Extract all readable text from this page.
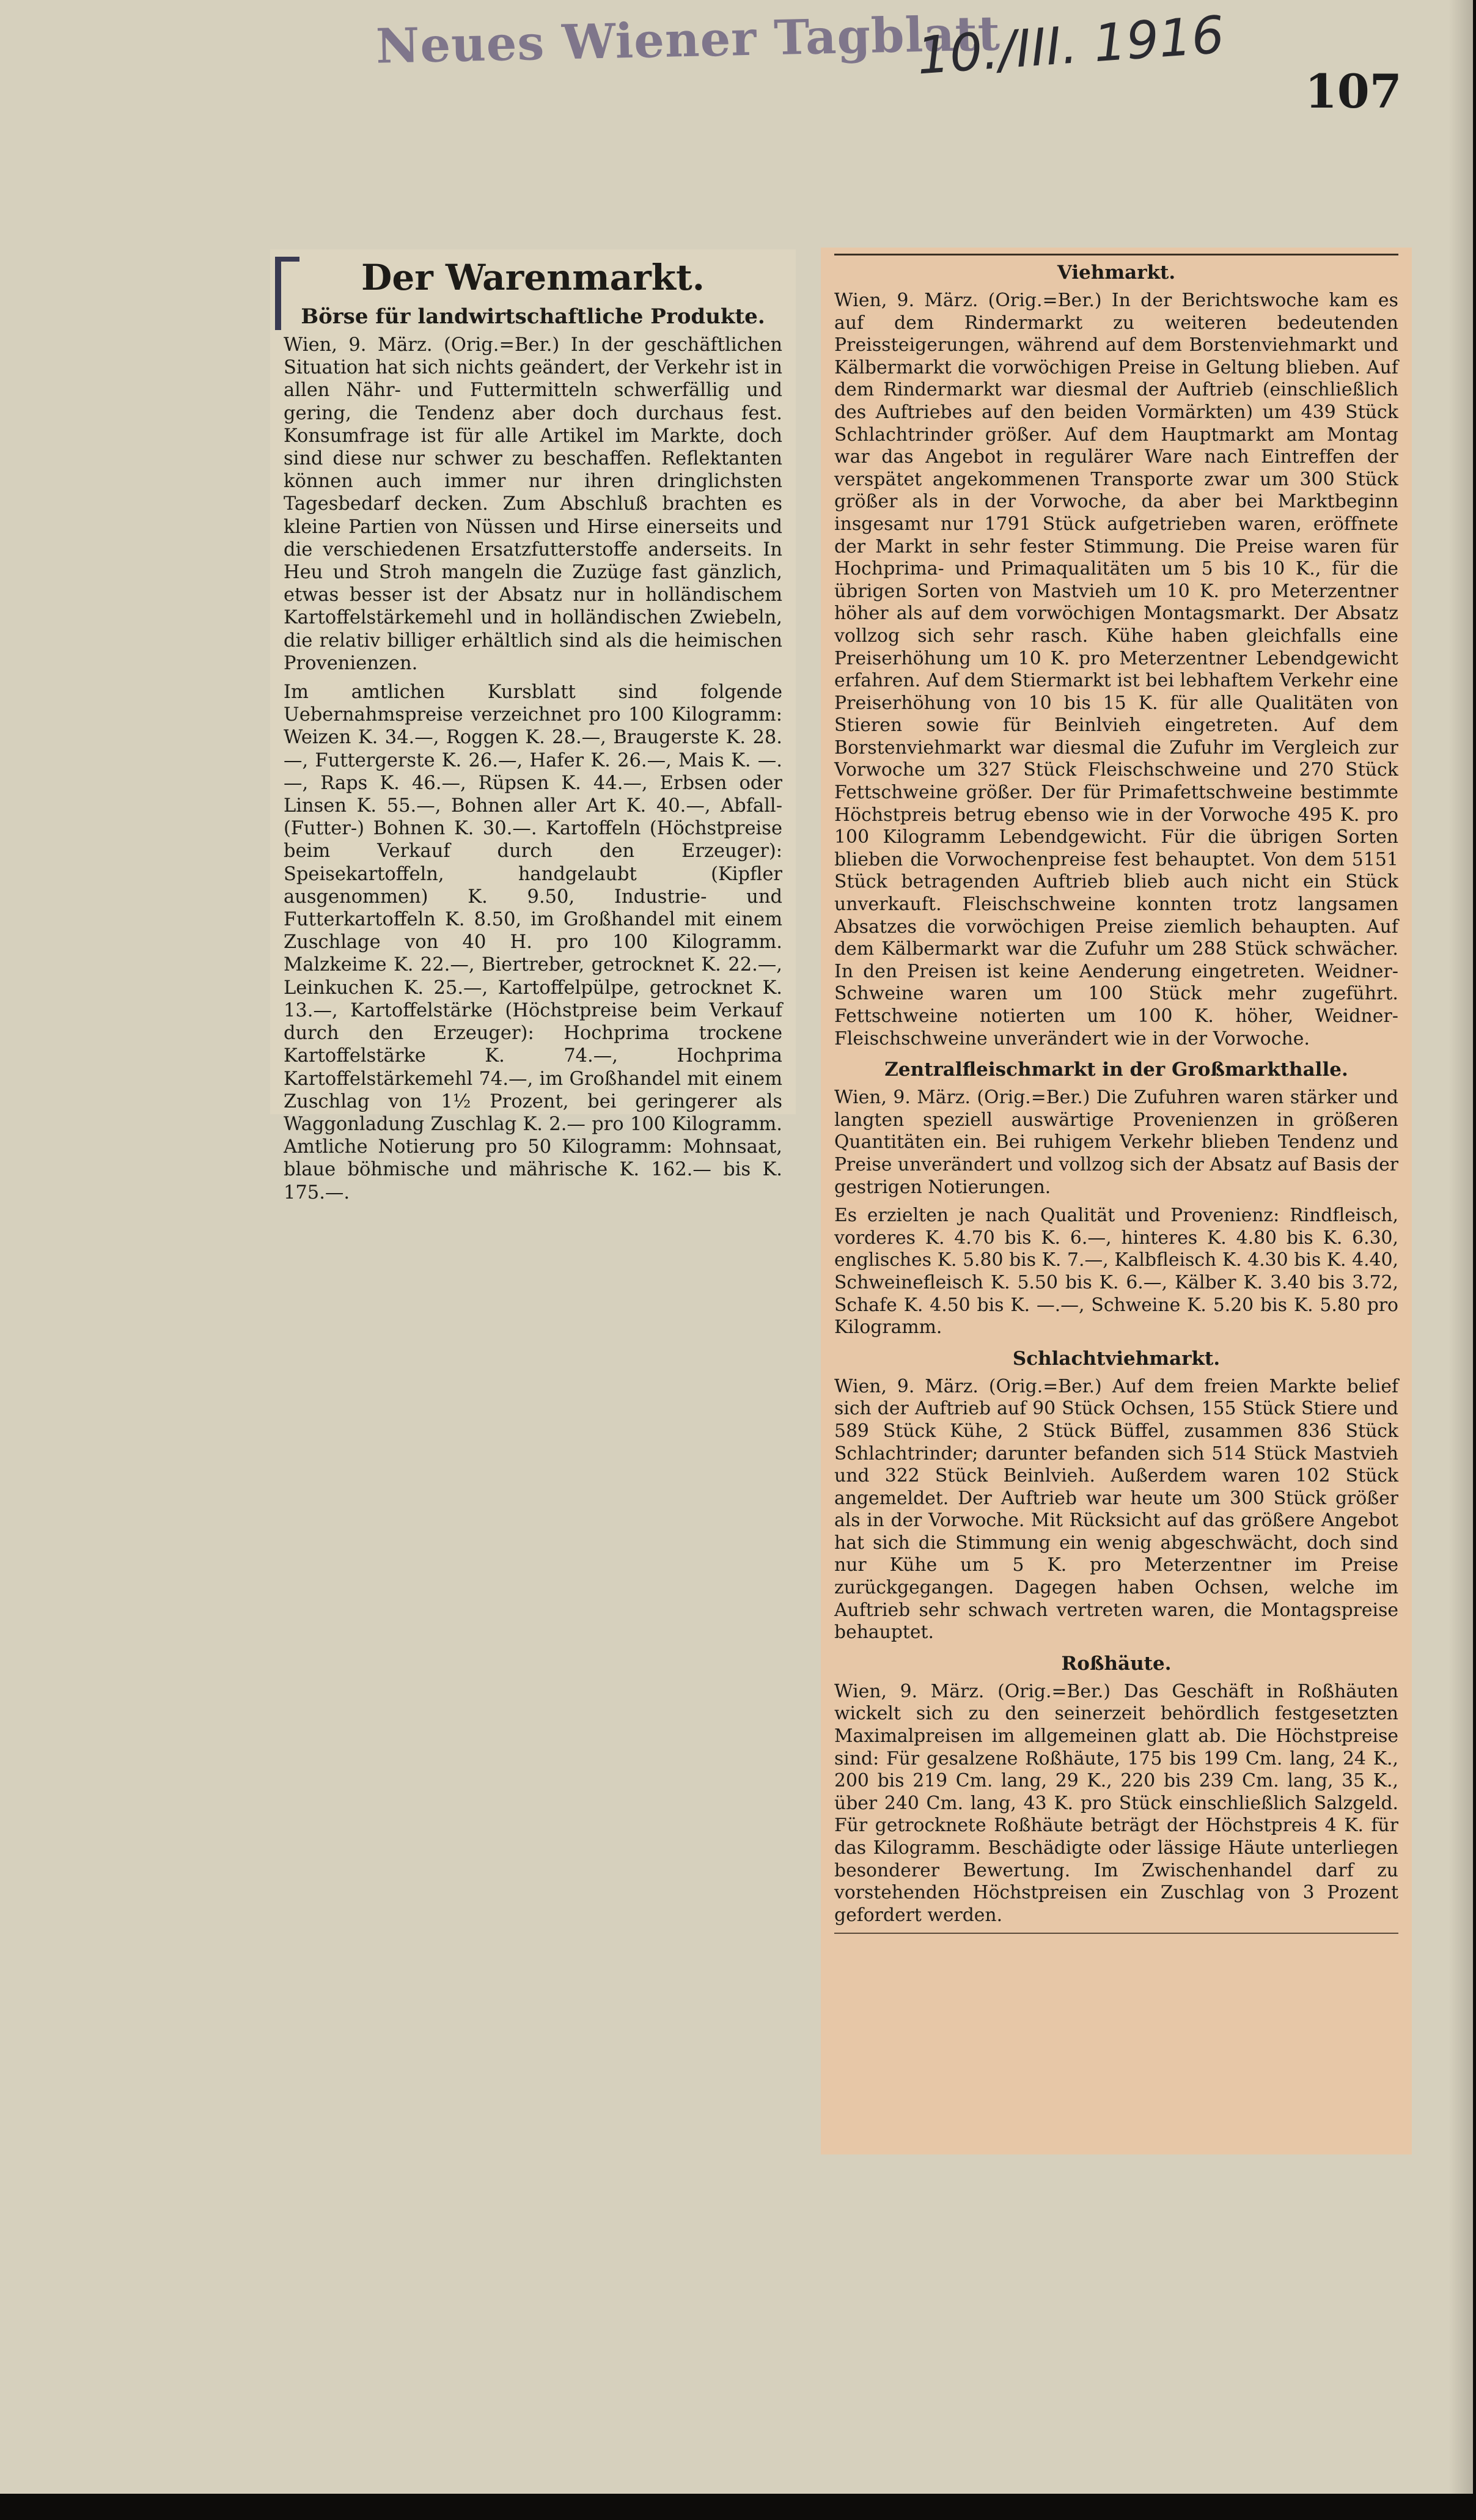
Neues Wiener Tagblatt
10./III. 1916
107
Der Warenmarkt.
Börse für landwirtschaftliche Produkte.

Wien, 9. März. (Orig.=Ber.) In der geschäftlichen Situation hat sich nichts geändert, der Verkehr ist in allen Nähr- und Futtermitteln schwerfällig und gering, die Tendenz aber doch durchaus fest. Konsumfrage ist für alle Artikel im Markte, doch sind diese nur schwer zu beschaffen. Reflektanten können auch immer nur ihren dringlichsten Tagesbedarf decken. Zum Abschluß brachten es kleine Partien von Nüssen und Hirse einerseits und die verschiedenen Ersatzfutterstoffe anderseits. In Heu und Stroh mangeln die Zuzüge fast gänzlich, etwas besser ist der Absatz nur in holländischem Kartoffelstärkemehl und in holländischen Zwiebeln, die relativ billiger erhältlich sind als die heimischen Provenienzen.

Im amtlichen Kursblatt sind folgende Uebernahmspreise verzeichnet pro 100 Kilogramm: Weizen K. 34.—, Roggen K. 28.—, Braugerste K. 28.—, Futtergerste K. 26.—, Hafer K. 26.—, Mais K. —.—, Raps K. 46.—, Rüpsen K. 44.—, Erbsen oder Linsen K. 55.—, Bohnen aller Art K. 40.—, Abfall- (Futter-) Bohnen K. 30.—. Kartoffeln (Höchstpreise beim Verkauf durch den Erzeuger): Speisekartoffeln, handgelaubt (Kipfler ausgenommen) K. 9.50, Industrie- und Futterkartoffeln K. 8.50, im Großhandel mit einem Zuschlage von 40 H. pro 100 Kilogramm. Malzkeime K. 22.—, Biertreber, getrocknet K. 22.—, Leinkuchen K. 25.—, Kartoffelpülpe, getrocknet K. 13.—, Kartoffelstärke (Höchstpreise beim Verkauf durch den Erzeuger): Hochprima trockene Kartoffelstärke K. 74.—, Hochprima Kartoffelstärkemehl 74.—, im Großhandel mit einem Zuschlag von 1½ Prozent, bei geringerer als Waggonladung Zuschlag K. 2.— pro 100 Kilogramm. Amtliche Notierung pro 50 Kilogramm: Mohnsaat, blaue böhmische und mährische K. 162.— bis K. 175.—.

Viehmarkt.

Wien, 9. März. (Orig.=Ber.) In der Berichtswoche kam es auf dem Rindermarkt zu weiteren bedeutenden Preissteigerungen, während auf dem Borstenviehmarkt und Kälbermarkt die vorwöchigen Preise in Geltung blieben. Auf dem Rindermarkt war diesmal der Auftrieb (einschließlich des Auftriebes auf den beiden Vormärkten) um 439 Stück Schlachtrinder größer. Auf dem Hauptmarkt am Montag war das Angebot in regulärer Ware nach Eintreffen der verspätet angekommenen Transporte zwar um 300 Stück größer als in der Vorwoche, da aber bei Marktbeginn insgesamt nur 1791 Stück aufgetrieben waren, eröffnete der Markt in sehr fester Stimmung. Die Preise waren für Hochprima- und Primaqualitäten um 5 bis 10 K., für die übrigen Sorten von Mastvieh um 10 K. pro Meterzentner höher als auf dem vorwöchigen Montagsmarkt. Der Absatz vollzog sich sehr rasch. Kühe haben gleichfalls eine Preiserhöhung um 10 K. pro Meterzentner Lebendgewicht erfahren. Auf dem Stiermarkt ist bei lebhaftem Verkehr eine Preiserhöhung von 10 bis 15 K. für alle Qualitäten von Stieren sowie für Beinlvieh eingetreten. Auf dem Borstenviehmarkt war diesmal die Zufuhr im Vergleich zur Vorwoche um 327 Stück Fleischschweine und 270 Stück Fettschweine größer. Der für Primafettschweine bestimmte Höchstpreis betrug ebenso wie in der Vorwoche 495 K. pro 100 Kilogramm Lebendgewicht. Für die übrigen Sorten blieben die Vorwochenpreise fest behauptet. Von dem 5151 Stück betragenden Auftrieb blieb auch nicht ein Stück unverkauft. Fleischschweine konnten trotz langsamen Absatzes die vorwöchigen Preise ziemlich behaupten. Auf dem Kälbermarkt war die Zufuhr um 288 Stück schwächer. In den Preisen ist keine Aenderung eingetreten. Weidner-Schweine waren um 100 Stück mehr zugeführt. Fettschweine notierten um 100 K. höher, Weidner-Fleischschweine unverändert wie in der Vorwoche.

Zentralfleischmarkt in der Großmarkthalle.

Wien, 9. März. (Orig.=Ber.) Die Zufuhren waren stärker und langten speziell auswärtige Provenienzen in größeren Quantitäten ein. Bei ruhigem Verkehr blieben Tendenz und Preise unverändert und vollzog sich der Absatz auf Basis der gestrigen Notierungen.

Es erzielten je nach Qualität und Provenienz: Rindfleisch, vorderes K. 4.70 bis K. 6.—, hinteres K. 4.80 bis K. 6.30, englisches K. 5.80 bis K. 7.—, Kalbfleisch K. 4.30 bis K. 4.40, Schweinefleisch K. 5.50 bis K. 6.—, Kälber K. 3.40 bis 3.72, Schafe K. 4.50 bis K. —.—, Schweine K. 5.20 bis K. 5.80 pro Kilogramm.

Schlachtviehmarkt.

Wien, 9. März. (Orig.=Ber.) Auf dem freien Markte belief sich der Auftrieb auf 90 Stück Ochsen, 155 Stück Stiere und 589 Stück Kühe, 2 Stück Büffel, zusammen 836 Stück Schlachtrinder; darunter befanden sich 514 Stück Mastvieh und 322 Stück Beinlvieh. Außerdem waren 102 Stück angemeldet. Der Auftrieb war heute um 300 Stück größer als in der Vorwoche. Mit Rücksicht auf das größere Angebot hat sich die Stimmung ein wenig abgeschwächt, doch sind nur Kühe um 5 K. pro Meterzentner im Preise zurückgegangen. Dagegen haben Ochsen, welche im Auftrieb sehr schwach vertreten waren, die Montagspreise behauptet.

Roßhäute.

Wien, 9. März. (Orig.=Ber.) Das Geschäft in Roßhäuten wickelt sich zu den seinerzeit behördlich festgesetzten Maximalpreisen im allgemeinen glatt ab. Die Höchstpreise sind: Für gesalzene Roßhäute, 175 bis 199 Cm. lang, 24 K., 200 bis 219 Cm. lang, 29 K., 220 bis 239 Cm. lang, 35 K., über 240 Cm. lang, 43 K. pro Stück einschließlich Salzgeld. Für getrocknete Roßhäute beträgt der Höchstpreis 4 K. für das Kilogramm. Beschädigte oder lässige Häute unterliegen besonderer Bewertung. Im Zwischenhandel darf zu vorstehenden Höchstpreisen ein Zuschlag von 3 Prozent gefordert werden.
